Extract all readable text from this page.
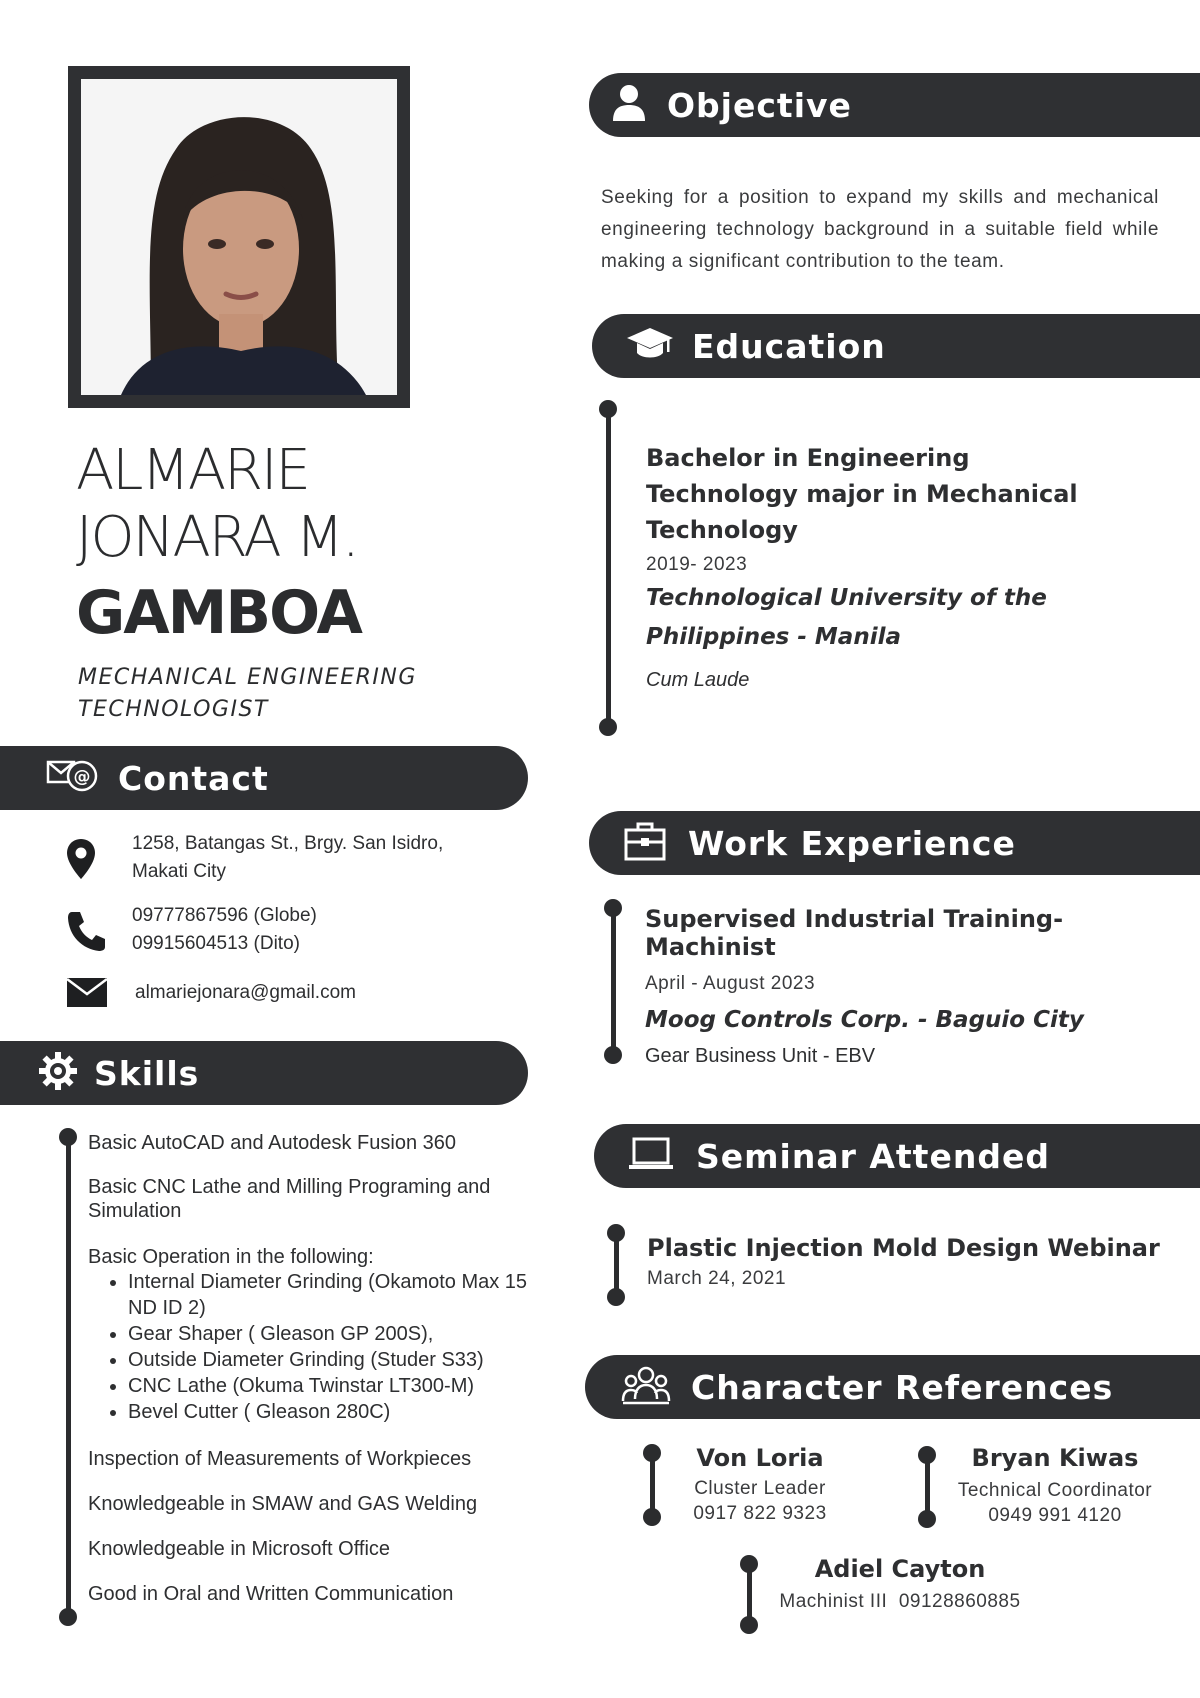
ALMARIE
JONARA M.
GAMBOA
MECHANICAL ENGINEERING
TECHNOLOGIST
@ Contact
1258, Batangas St., Brgy. San Isidro,
Makati City
09777867596 (Globe)
09915604513 (Dito)
almariejonara@gmail.com
Skills
Basic AutoCAD and Autodesk Fusion 360
Basic CNC Lathe and Milling Programing and
Simulation
Basic Operation in the following:
• Internal Diameter Grinding (Okamoto Max 15 ND ID 2)
• Gear Shaper ( Gleason GP 200S),
• Outside Diameter Grinding (Studer S33)
• CNC Lathe (Okuma Twinstar LT300-M)
• Bevel Cutter ( Gleason 280C)
Inspection of Measurements of Workpieces
Knowledgeable in SMAW and GAS Welding
Knowledgeable in Microsoft Office
Good in Oral and Written Communication
Objective
Seeking for a position to expand my skills and mechanical engineering technology background in a suitable field while making a significant contribution to the team.
Education
Bachelor in Engineering
Technology major in Mechanical
Technology
2019- 2023
Technological University of the
Philippines - Manila
Cum Laude
Work Experience
Supervised Industrial Training- Machinist
April - August 2023
Moog Controls Corp. - Baguio City
Gear Business Unit - EBV
Seminar Attended
Plastic Injection Mold Design Webinar
March 24, 2021
Character References
Von Loria
Cluster Leader
0917 822 9323
Bryan Kiwas
Technical Coordinator
0949 991 4120
Adiel Cayton
Machinist III  09128860885
